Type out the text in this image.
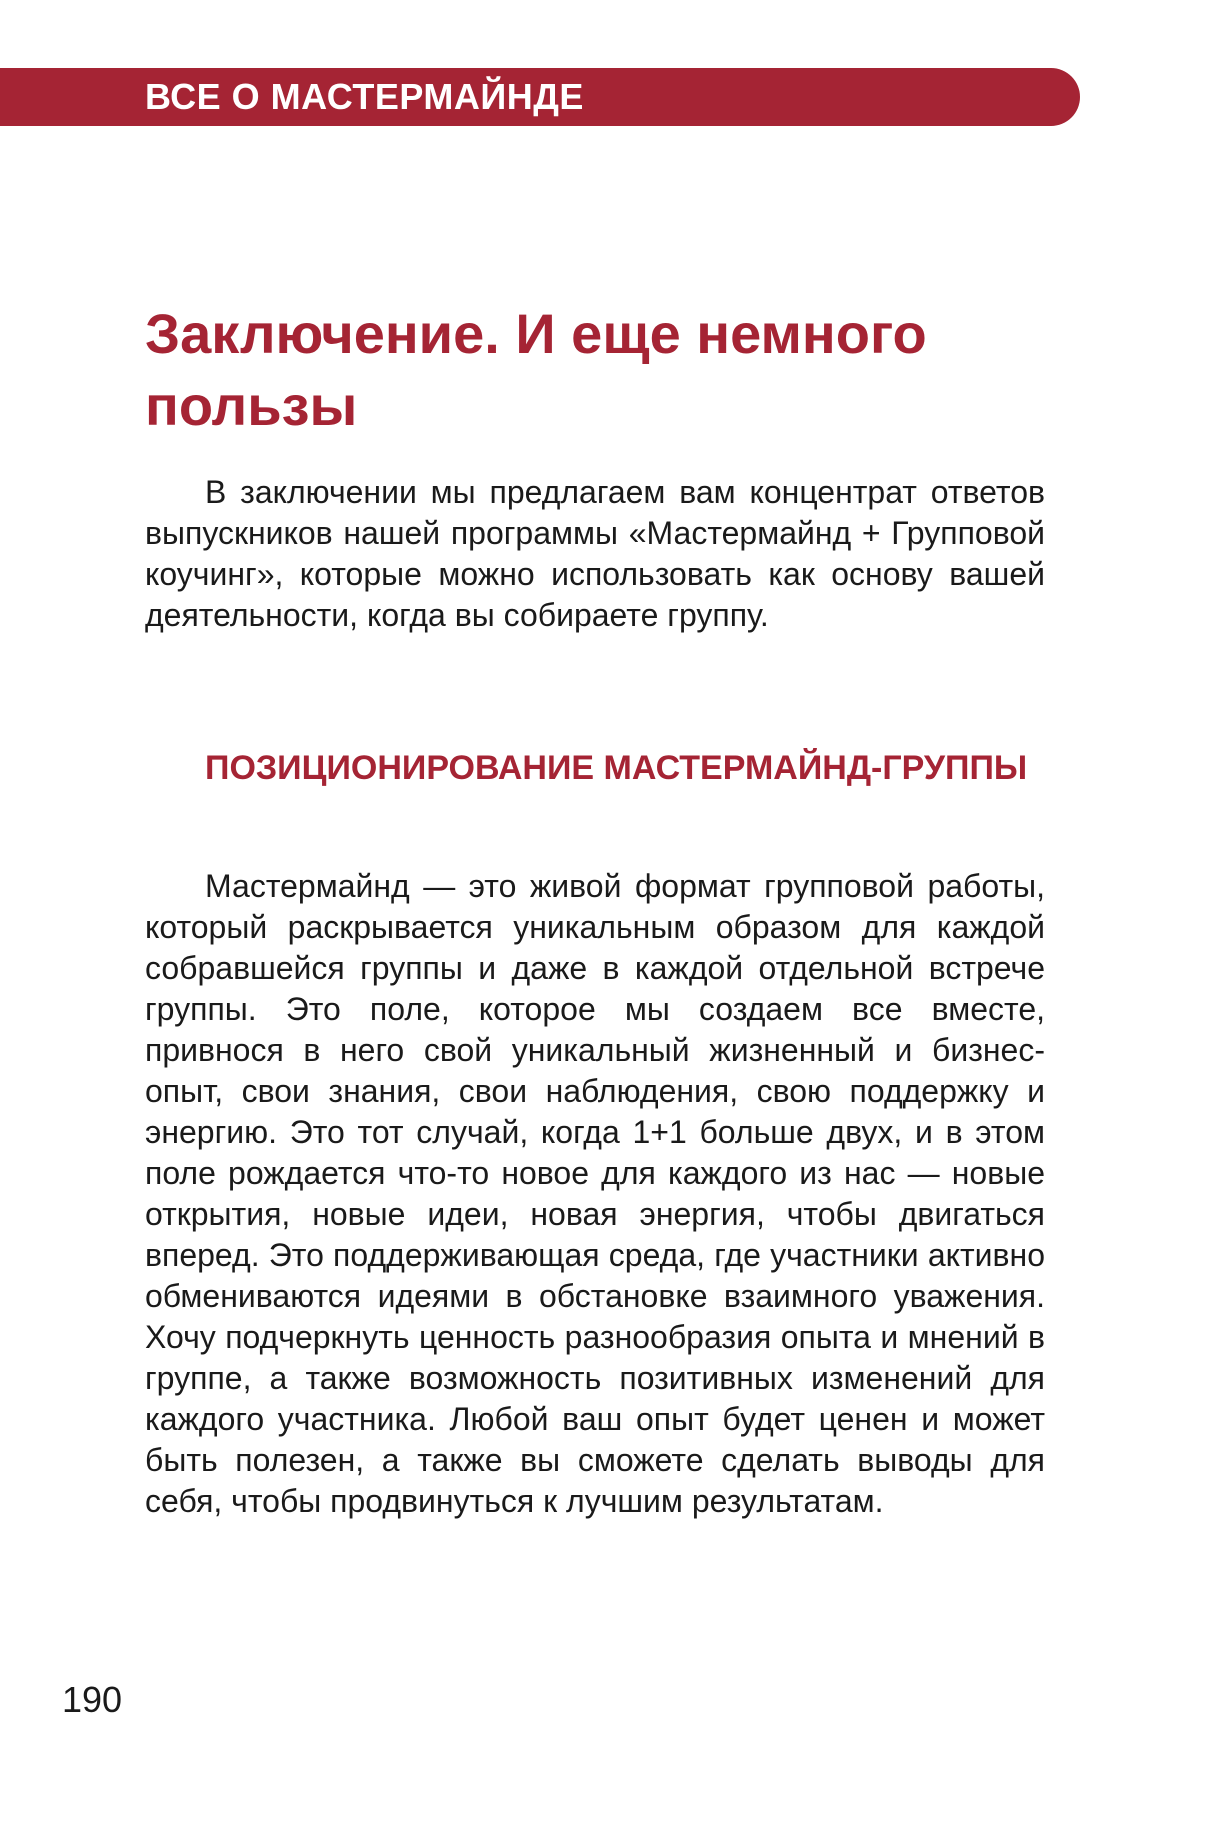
ВСЕ О МАСТЕРМАЙНДЕ
Заключение. И еще немного пользы

В заключении мы предлагаем вам концентрат ответов выпускников нашей программы «Мастермайнд + Групповой коучинг», которые можно использовать как основу вашей деятельности, когда вы собираете группу.

ПОЗИЦИОНИРОВАНИЕ МАСТЕРМАЙНД-ГРУППЫ

Мастермайнд — это живой формат групповой работы, который раскрывается уникальным образом для каждой собравшейся группы и даже в каждой отдельной встрече группы. Это поле, которое мы создаем все вместе, привнося в него свой уникальный жизненный и бизнес-опыт, свои знания, свои наблюдения, свою поддержку и энергию. Это тот случай, когда 1+1 больше двух, и в этом поле рождается что-то новое для каждого из нас — новые открытия, новые идеи, новая энергия, чтобы двигаться вперед. Это поддерживающая среда, где участники активно обмениваются идеями в обстановке взаимного уважения. Хочу подчеркнуть ценность разнообразия опыта и мнений в группе, а также возможность позитивных изменений для каждого участника. Любой ваш опыт будет ценен и может быть полезен, а также вы сможете сделать выводы для себя, чтобы продвинуться к лучшим результатам.

190
